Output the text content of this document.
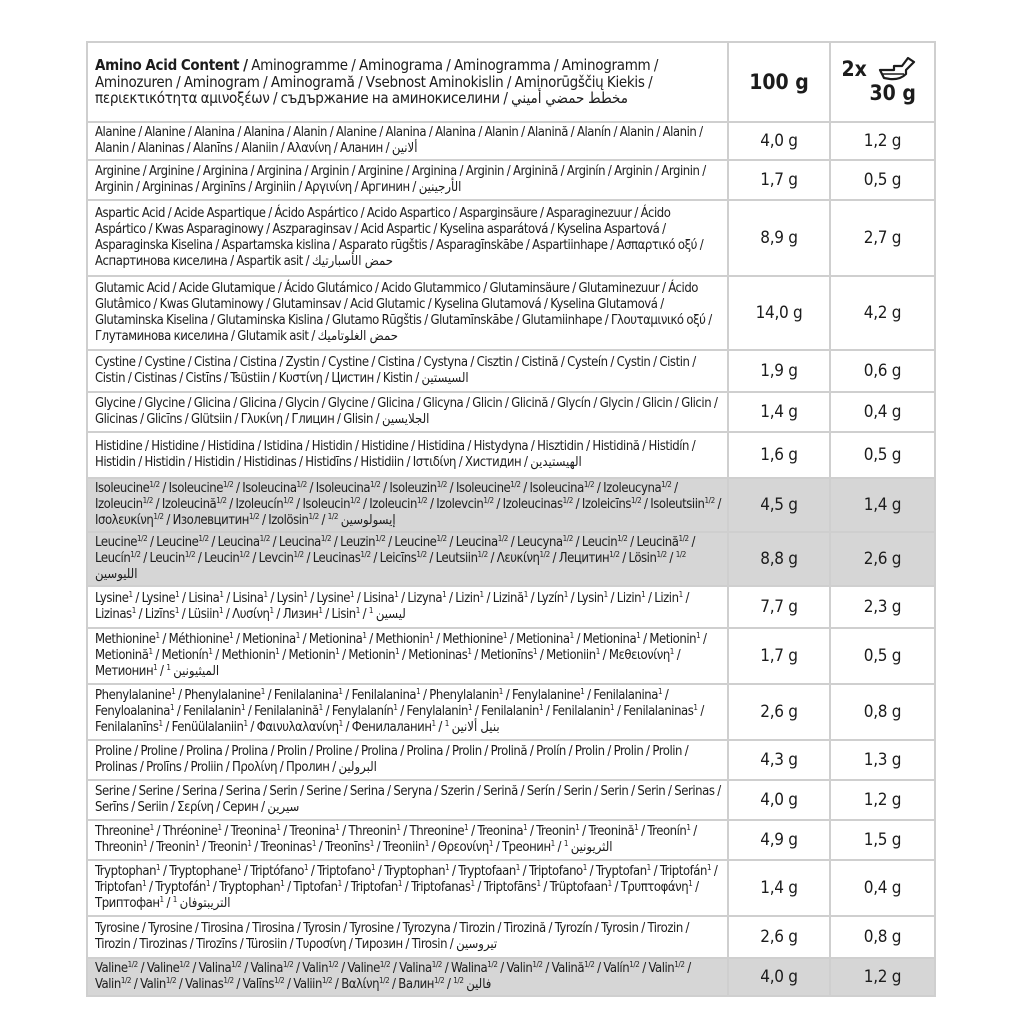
Amino Acid Content / Aminogramme / Aminograma / Aminogramma / Aminogramm / Aminozuren / Aminogram / Aminogramă / Vsebnost Aminokislin / Aminorūgščių Kiekis / περιεκτικότητα αμινοξέων / съдържание на аминокиселини / مخطط حمضي أميني	100 g	2x
30 g

Alanine / Alanine / Alanina / Alanina / Alanin / Alanine / Alanina / Alanina / Alanin / Alanină / Alanín / Alanin / Alanin / Alanin / Alaninas / Alanīns / Alaniin / Αλανίνη / Аланин / ألانين	4,0 g	1,2 g
Arginine / Arginine / Arginina / Arginina / Arginin / Arginine / Arginina / Arginin / Arginină / Arginín / Arginin / Arginin / Arginin / Argininas / Arginīns / Arginiin / Αργινίνη / Аргинин / الأرجينين	1,7 g	0,5 g
Aspartic Acid / Acide Aspartique / Ácido Aspártico / Acido Aspartico / Asparginsäure / Asparaginezuur / Ácido Aspártico / Kwas Asparaginowy / Aszparaginsav / Acid Aspartic / Kyselina asparátová / Kyselina Aspartová / Asparaginska Kiselina / Aspartamska kislina / Asparato rūgštis / Asparagīnskābe / Aspartiinhape / Ασπαρτικό οξύ / Аспартинова киселина / Aspartik asit / حمض الأسبارتيك	8,9 g	2,7 g
Glutamic Acid / Acide Glutamique / Ácido Glutámico / Acido Glutammico / Glutaminsäure / Glutaminezuur / Ácido Glutâmico / Kwas Glutaminowy / Glutaminsav / Acid Glutamic / Kyselina Glutamová / Kyselina Glutamová / Glutaminska Kiselina / Glutaminska Kislina / Glutamo Rūgštis / Glutamīnskābe / Glutamiinhape / Γλουταμινικό οξύ / Глутаминова киселина / Glutamik asit / حمض الغلوتاميك	14,0 g	4,2 g
Cystine / Cystine / Cistina / Cistina / Zystin / Cystine / Cistina / Cystyna / Cisztin / Cistină / Cysteín / Cystin / Cistin / Cistin / Cistinas / Cistīns / Tsüstiin / Κυστίνη / Цистин / Kistin / السيستين	1,9 g	0,6 g
Glycine / Glycine / Glicina / Glicina / Glycin / Glycine / Glicina / Glicyna / Glicin / Glicină / Glycín / Glycin / Glicin / Glicin / Glicinas / Glicīns / Glütsiin / Γλυκίνη / Глицин / Glisin / الجلايسين	1,4 g	0,4 g
Histidine / Histidine / Histidina / Istidina / Histidin / Histidine / Histidina / Histydyna / Hisztidin / Histidină / Histidín / Histidin / Histidin / Histidin / Histidinas / Histidīns / Histidiin / Ιστιδίνη / Хистидин / الهيستيدين	1,6 g	0,5 g
Isoleucine$^{1/2}$ / Isoleucine$^{1/2}$ / Isoleucina$^{1/2}$ / Isoleucina$^{1/2}$ / Isoleuzin$^{1/2}$ / Isoleucine$^{1/2}$ / Isoleucina$^{1/2}$ / Izoleucyna$^{1/2}$ / Izoleucin$^{1/2}$ / Izoleucină$^{1/2}$ / Izoleucín$^{1/2}$ / Isoleucin$^{1/2}$ / Izoleucin$^{1/2}$ / Izolevcin$^{1/2}$ / Izoleucinas$^{1/2}$ / Izoleicīns$^{1/2}$ / Isoleutsiin$^{1/2}$ / Ισολευκίνη$^{1/2}$ / Изолевцитин$^{1/2}$ / Izolösin$^{1/2}$ / $^{1/2}$ إيسولوسين	4,5 g	1,4 g
Leucine$^{1/2}$ / Leucine$^{1/2}$ / Leucina$^{1/2}$ / Leucina$^{1/2}$ / Leuzin$^{1/2}$ / Leucine$^{1/2}$ / Leucina$^{1/2}$ / Leucyna$^{1/2}$ / Leucin$^{1/2}$ / Leucină$^{1/2}$ / Leucín$^{1/2}$ / Leucin$^{1/2}$ / Leucin$^{1/2}$ / Levcin$^{1/2}$ / Leucinas$^{1/2}$ / Leicīns$^{1/2}$ / Leutsiin$^{1/2}$ / Λευκίνη$^{1/2}$ / Лецитин$^{1/2}$ / Lösin$^{1/2}$ / $^{1/2}$ الليوسين	8,8 g	2,6 g
Lysine$^1$ / Lysine$^1$ / Lisina$^1$ / Lisina$^1$ / Lysin$^1$ / Lysine$^1$ / Lisina$^1$ / Lizyna$^1$ / Lizin$^1$ / Lizină$^1$ / Lyzín$^1$ / Lysin$^1$ / Lizin$^1$ / Lizin$^1$ / Lizinas$^1$ / Lizīns$^1$ / Lüsiin$^1$ / Λυσίνη$^1$ / Лизин$^1$ / Lisin$^1$ / $^1$ ليسين	7,7 g	2,3 g
Methionine$^1$ / Méthionine$^1$ / Metionina$^1$ / Metionina$^1$ / Methionin$^1$ / Methionine$^1$ / Metionina$^1$ / Metionina$^1$ / Metionin$^1$ / Metionină$^1$ / Metionín$^1$ / Methionin$^1$ / Metionin$^1$ / Metionin$^1$ / Metioninas$^1$ / Metionīns$^1$ / Metioniin$^1$ / Μεθειονίνη$^1$ / Метионин$^1$ / $^1$ الميثيونين	1,7 g	0,5 g
Phenylalanine$^1$ / Phenylalanine$^1$ / Fenilalanina$^1$ / Fenilalanina$^1$ / Phenylalanin$^1$ / Fenylalanine$^1$ / Fenilalanina$^1$ / Fenyloalanina$^1$ / Fenilalanin$^1$ / Fenilalanină$^1$ / Fenylalanín$^1$ / Fenylalanin$^1$ / Fenilalanin$^1$ / Fenilalanin$^1$ / Fenilalaninas$^1$ / Fenilalanīns$^1$ / Fenüülalaniin$^1$ / Φαινυλαλανίνη$^1$ / Фенилаланин$^1$ / $^1$ بنيل ألانين	2,6 g	0,8 g
Proline / Proline / Prolina / Prolina / Prolin / Proline / Prolina / Prolina / Prolin / Prolină / Prolín / Prolin / Prolin / Prolin / Prolinas / Prolīns / Proliin / Προλίνη / Пролин / البرولين	4,3 g	1,3 g
Serine / Serine / Serina / Serina / Serin / Serine / Serina / Seryna / Szerin / Serină / Serín / Serin / Serin / Serin / Serinas / Serīns / Seriin / Σερίνη / Серин / سيرين	4,0 g	1,2 g
Threonine$^1$ / Thréonine$^1$ / Treonina$^1$ / Treonina$^1$ / Threonin$^1$ / Threonine$^1$ / Treonina$^1$ / Treonin$^1$ / Treonină$^1$ / Treonín$^1$ / Threonin$^1$ / Treonin$^1$ / Treonin$^1$ / Treoninas$^1$ / Treonīns$^1$ / Treoniin$^1$ / Θρεονίνη$^1$ / Треонин$^1$ / $^1$ الثريونين	4,9 g	1,5 g
Tryptophan$^1$ / Tryptophane$^1$ / Triptófano$^1$ / Triptofano$^1$ / Tryptophan$^1$ / Tryptofaan$^1$ / Triptofano$^1$ / Tryptofan$^1$ / Triptofán$^1$ / Triptofan$^1$ / Tryptofán$^1$ / Tryptophan$^1$ / Tiptofan$^1$ / Triptofan$^1$ / Triptofanas$^1$ / Triptofāns$^1$ / Trüptofaan$^1$ / Τρυπτοφάνη$^1$ / Триптофан$^1$ / $^1$ التريبتوفان	1,4 g	0,4 g
Tyrosine / Tyrosine / Tirosina / Tirosina / Tyrosin / Tyrosine / Tyrozyna / Tirozin / Tirozină / Tyrozín / Tyrosin / Tirozin / Tirozin / Tirozinas / Tirozīns / Türosiin / Τυροσίνη / Тирозин / Tirosin / تيروسين	2,6 g	0,8 g
Valine$^{1/2}$ / Valine$^{1/2}$ / Valina$^{1/2}$ / Valina$^{1/2}$ / Valin$^{1/2}$ / Valine$^{1/2}$ / Valina$^{1/2}$ / Walina$^{1/2}$ / Valin$^{1/2}$ / Valină$^{1/2}$ / Valín$^{1/2}$ / Valin$^{1/2}$ / Valin$^{1/2}$ / Valin$^{1/2}$ / Valinas$^{1/2}$ / Valīns$^{1/2}$ / Valiin$^{1/2}$ / Βαλίνη$^{1/2}$ / Валин$^{1/2}$ / $^{1/2}$ فالين	4,0 g	1,2 g
